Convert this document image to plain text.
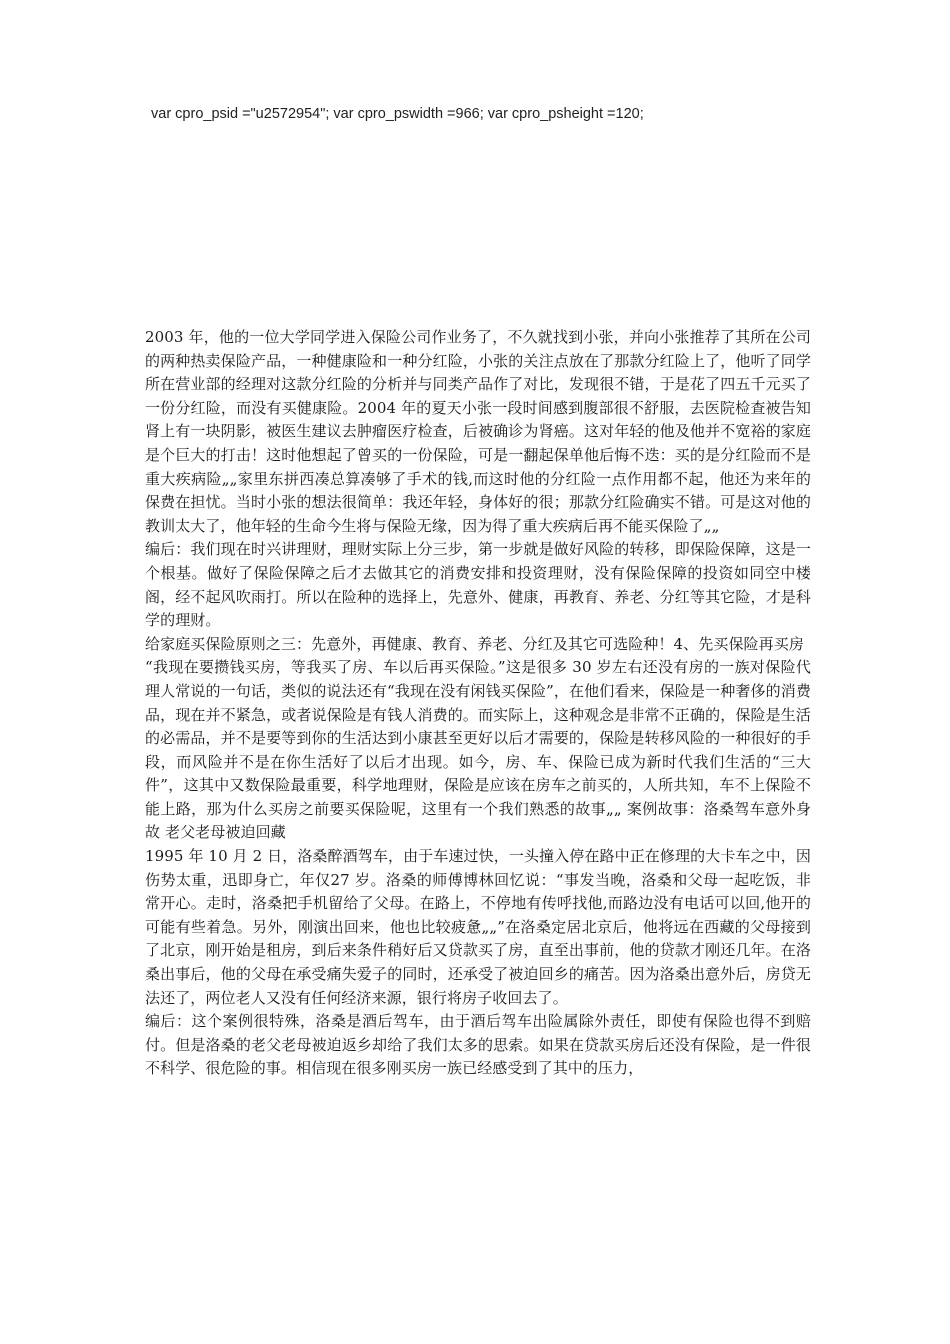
var cpro_psid ="u2572954"; var cpro_pswidth =966; var cpro_psheight =120;

2003 年，他的一位大学同学进入保险公司作业务了，不久就找到小张，并向小张推荐了其所在公司的两种热卖保险产品，一种健康险和一种分红险，小张的关注点放在了那款分红险上了，他听了同学所在营业部的经理对这款分红险的分析并与同类产品作了对比，发现很不错，于是花了四五千元买了一份分红险，而没有买健康险。2004 年的夏天小张一段时间感到腹部很不舒服，去医院检查被告知肾上有一块阴影，被医生建议去肿瘤医疗检查，后被确诊为肾癌。这对年轻的他及他并不宽裕的家庭是个巨大的打击！这时他想起了曾买的一份保险，可是一翻起保单他后悔不迭：买的是分红险而不是重大疾病险„„家里东拼西凑总算凑够了手术的钱,而这时他的分红险一点作用都不起，他还为来年的保费在担忧。当时小张的想法很简单：我还年轻，身体好的很；那款分红险确实不错。可是这对他的教训太大了，他年轻的生命今生将与保险无缘，因为得了重大疾病后再不能买保险了„„

编后：我们现在时兴讲理财，理财实际上分三步，第一步就是做好风险的转移，即保险保障，这是一个根基。做好了保险保障之后才去做其它的消费安排和投资理财，没有保险保障的投资如同空中楼阁，经不起风吹雨打。所以在险种的选择上，先意外、健康，再教育、养老、分红等其它险，才是科学的理财。

给家庭买保险原则之三：先意外，再健康、教育、养老、分红及其它可选险种！4、先买保险再买房

“我现在要攒钱买房，等我买了房、车以后再买保险。”这是很多 30 岁左右还没有房的一族对保险代理人常说的一句话，类似的说法还有“我现在没有闲钱买保险”，在他们看来，保险是一种奢侈的消费品，现在并不紧急，或者说保险是有钱人消费的。而实际上，这种观念是非常不正确的，保险是生活的必需品，并不是要等到你的生活达到小康甚至更好以后才需要的，保险是转移风险的一种很好的手段，而风险并不是在你生活好了以后才出现。如今，房、车、保险已成为新时代我们生活的“三大件”，这其中又数保险最重要，科学地理财，保险是应该在房车之前买的，人所共知，车不上保险不能上路，那为什么买房之前要买保险呢，这里有一个我们熟悉的故事„„ 案例故事：洛桑驾车意外身故 老父老母被迫回藏

1995 年 10 月 2 日，洛桑醉酒驾车，由于车速过快，一头撞入停在路中正在修理的大卡车之中，因伤势太重，迅即身亡，年仅27 岁。洛桑的师傅博林回忆说：“事发当晚，洛桑和父母一起吃饭，非常开心。走时，洛桑把手机留给了父母。在路上，不停地有传呼找他,而路边没有电话可以回,他开的可能有些着急。另外，刚演出回来，他也比较疲惫„„”在洛桑定居北京后，他将远在西藏的父母接到了北京，刚开始是租房，到后来条件稍好后又贷款买了房，直至出事前，他的贷款才刚还几年。在洛桑出事后，他的父母在承受痛失爱子的同时，还承受了被迫回乡的痛苦。因为洛桑出意外后，房贷无法还了，两位老人又没有任何经济来源，银行将房子收回去了。

编后：这个案例很特殊，洛桑是酒后驾车，由于酒后驾车出险属除外责任，即使有保险也得不到赔付。但是洛桑的老父老母被迫返乡却给了我们太多的思索。如果在贷款买房后还没有保险，是一件很不科学、很危险的事。相信现在很多刚买房一族已经感受到了其中的压力，
